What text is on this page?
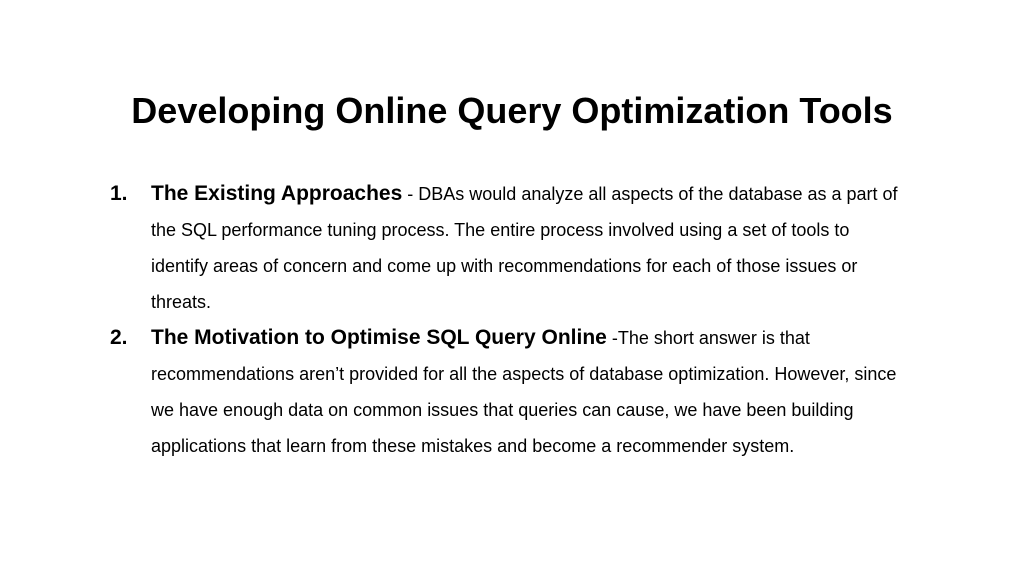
Developing Online Query Optimization Tools
1. The Existing Approaches - DBAs would analyze all aspects of the database as a part of the SQL performance tuning process. The entire process involved using a set of tools to identify areas of concern and come up with recommendations for each of those issues or threats.
2. The Motivation to Optimise SQL Query Online -The short answer is that recommendations aren’t provided for all the aspects of database optimization. However, since we have enough data on common issues that queries can cause, we have been building applications that learn from these mistakes and become a recommender system.
